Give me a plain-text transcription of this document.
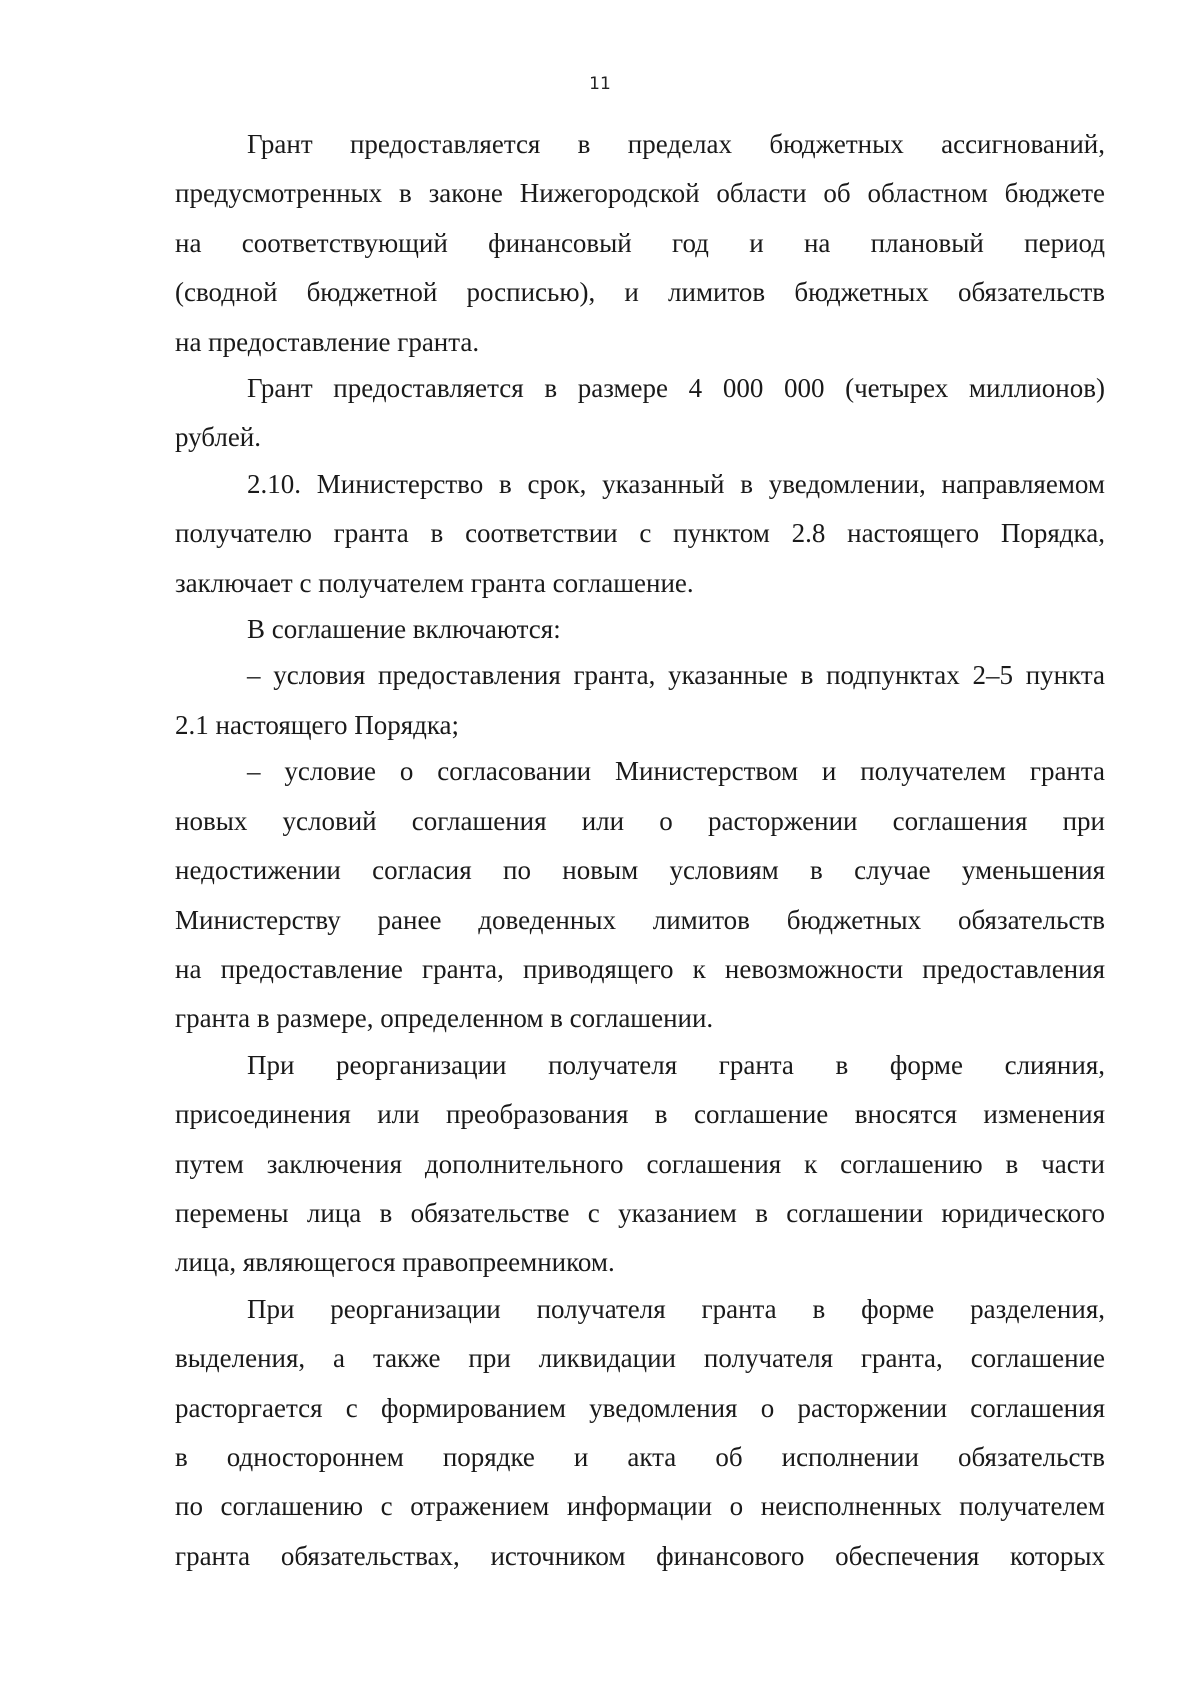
11
Грант предоставляется в пределах бюджетных ассигнований,
предусмотренных в законе Нижегородской области об областном бюджете
на соответствующий финансовый год и на плановый период
(сводной бюджетной росписью), и лимитов бюджетных обязательств
на предоставление гранта.
Грант предоставляется в размере 4 000 000 (четырех миллионов)
рублей.
2.10. Министерство в срок, указанный в уведомлении, направляемом
получателю гранта в соответствии с пунктом 2.8 настоящего Порядка,
заключает с получателем гранта соглашение.
В соглашение включаются:
– условия предоставления гранта, указанные в подпунктах 2–5 пункта
2.1 настоящего Порядка;
– условие о согласовании Министерством и получателем гранта
новых условий соглашения или о расторжении соглашения при
недостижении согласия по новым условиям в случае уменьшения
Министерству ранее доведенных лимитов бюджетных обязательств
на предоставление гранта, приводящего к невозможности предоставления
гранта в размере, определенном в соглашении.
При реорганизации получателя гранта в форме слияния,
присоединения или преобразования в соглашение вносятся изменения
путем заключения дополнительного соглашения к соглашению в части
перемены лица в обязательстве с указанием в соглашении юридического
лица, являющегося правопреемником.
При реорганизации получателя гранта в форме разделения,
выделения, а также при ликвидации получателя гранта, соглашение
расторгается с формированием уведомления о расторжении соглашения
в одностороннем порядке и акта об исполнении обязательств
по соглашению с отражением информации о неисполненных получателем
гранта обязательствах, источником финансового обеспечения которых
